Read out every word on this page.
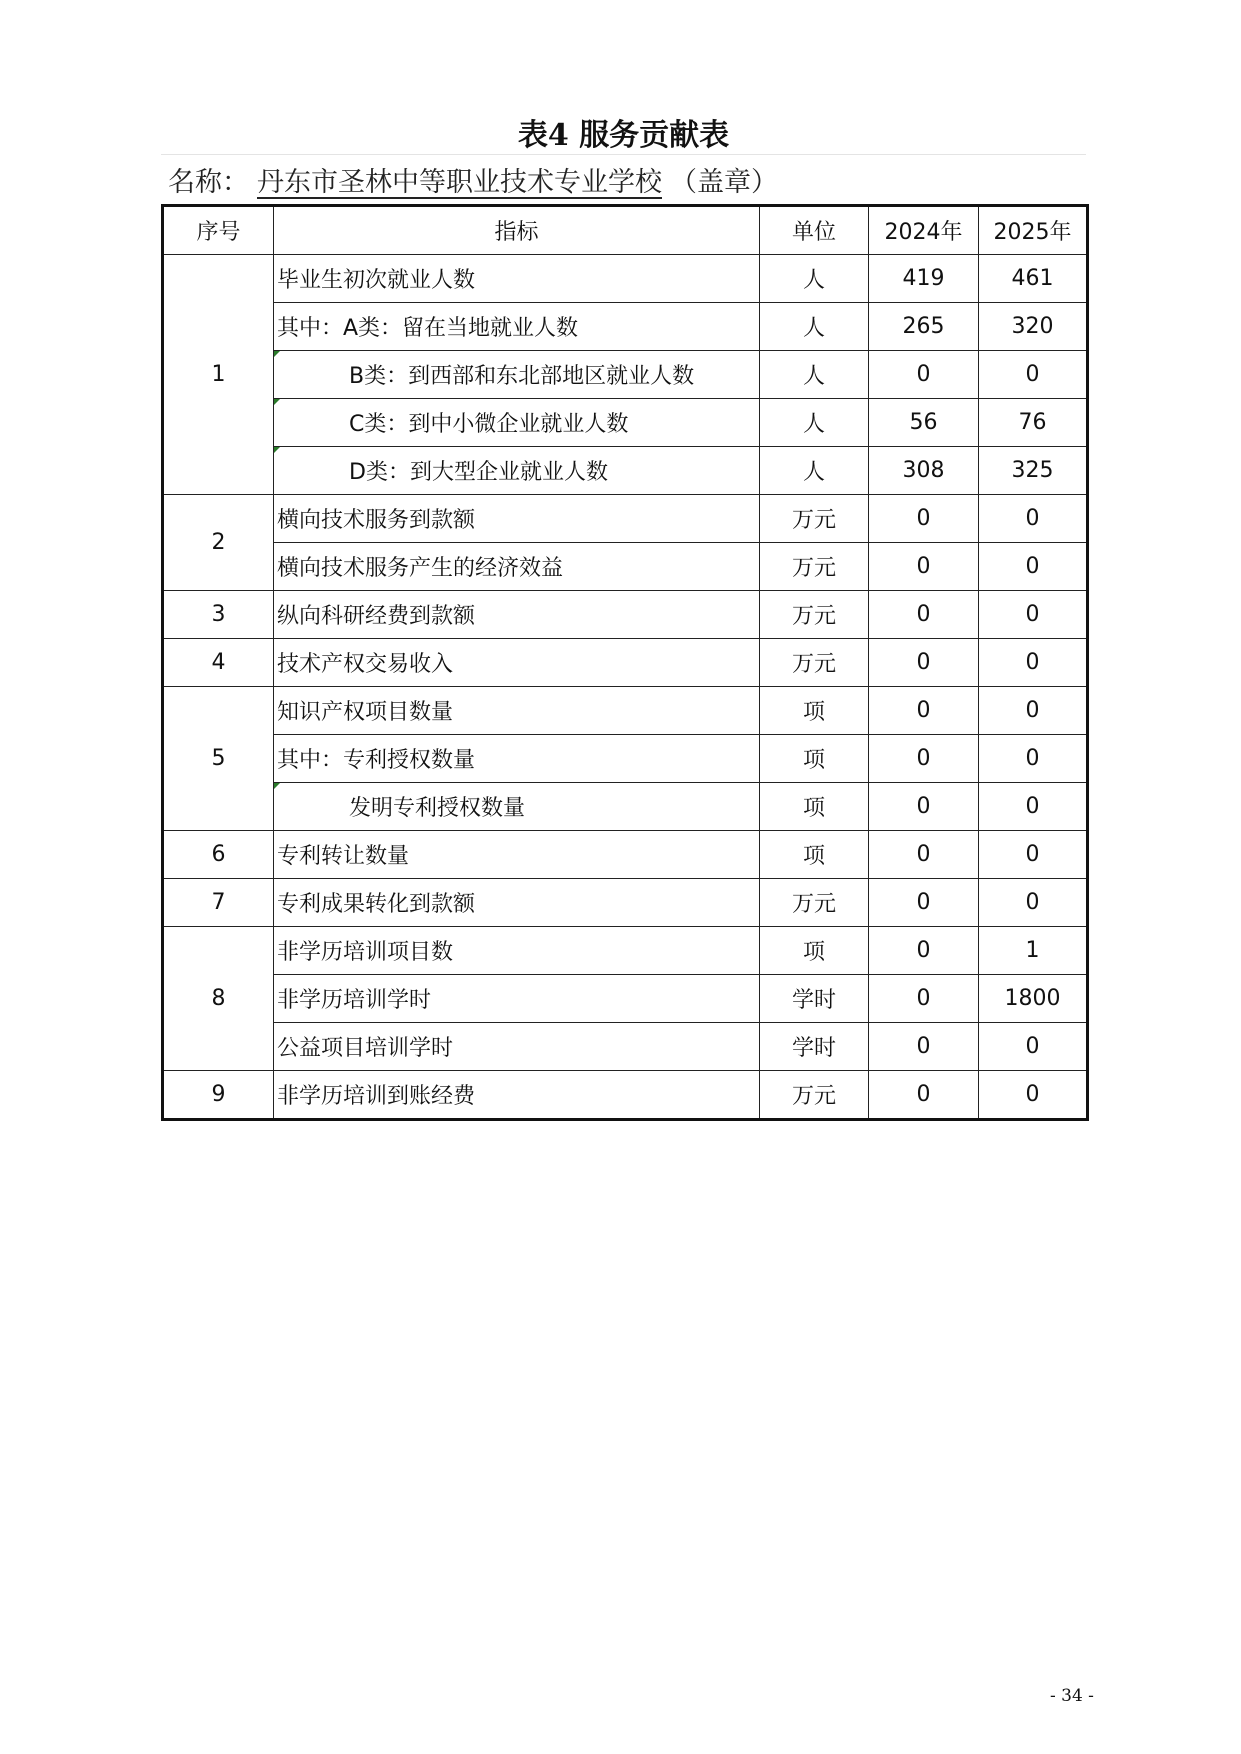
表4 服务贡献表
名称： 丹东市圣林中等职业技术专业学校 （盖章）
序号	指标	单位	2024年	2025年
1	毕业生初次就业人数	人	419	461
	其中：A类：留在当地就业人数	人	265	320
	B类：到西部和东北部地区就业人数	人	0	0
	C类：到中小微企业就业人数	人	56	76
	D类：到大型企业就业人数	人	308	325
2	横向技术服务到款额	万元	0	0
	横向技术服务产生的经济效益	万元	0	0
3	纵向科研经费到款额	万元	0	0
4	技术产权交易收入	万元	0	0
5	知识产权项目数量	项	0	0
	其中：专利授权数量	项	0	0
	发明专利授权数量	项	0	0
6	专利转让数量	项	0	0
7	专利成果转化到款额	万元	0	0
8	非学历培训项目数	项	0	1
	非学历培训学时	学时	0	1800
	公益项目培训学时	学时	0	0
9	非学历培训到账经费	万元	0	0
- 34 -
